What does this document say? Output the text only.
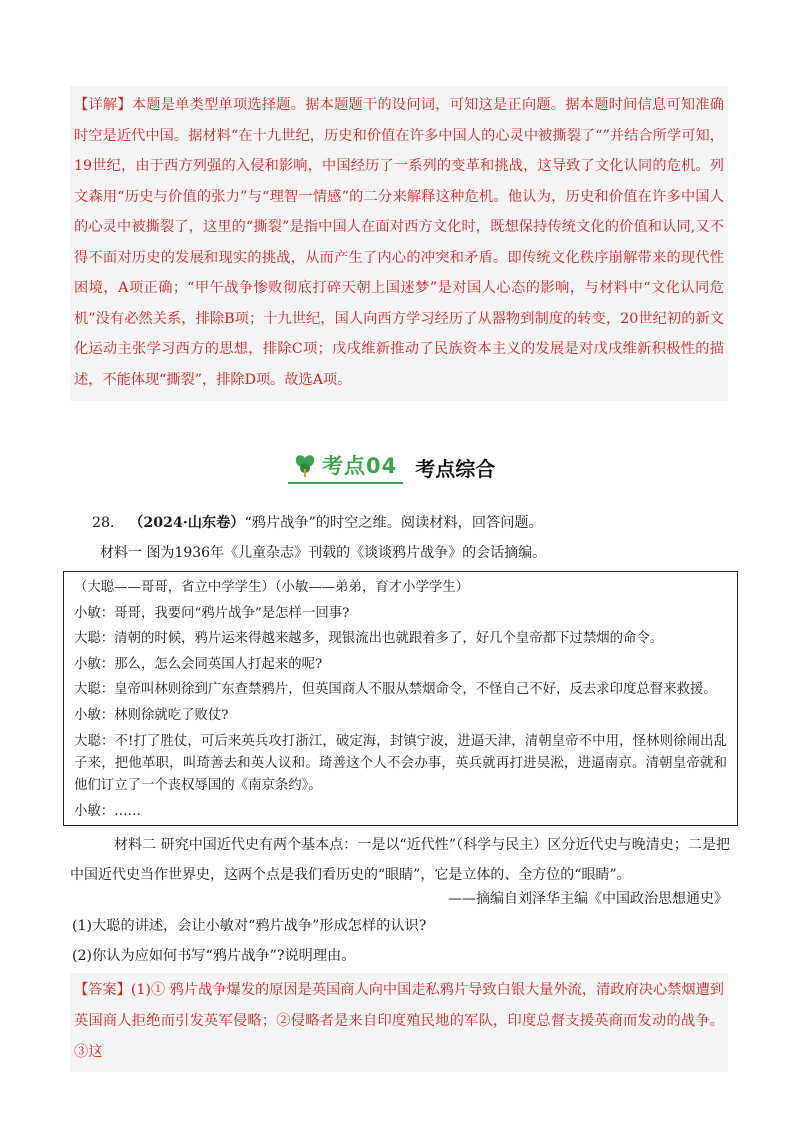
【详解】本题是单类型单项选择题。据本题题干的设问词，可知这是正向题。据本题时间信息可知准确时空是近代中国。据材料“在十九世纪，历史和价值在许多中国人的心灵中被撕裂了“”并结合所学可知，19世纪，由于西方列强的入侵和影响，中国经历了一系列的变革和挑战，这导致了文化认同的危机。列文森用“历史与价值的张力”与“理智一情感”的二分来解释这种危机。他认为，历史和价值在许多中国人的心灵中被撕裂了，这里的“撕裂”是指中国人在面对西方文化时，既想保持传统文化的价值和认同,又不得不面对历史的发展和现实的挑战，从而产生了内心的冲突和矛盾。即传统文化秩序崩解带来的现代性困境，A项正确；“甲午战争惨败彻底打碎天朝上国迷梦”是对国人心态的影响，与材料中“文化认同危机”没有必然关系，排除B项；十九世纪，国人向西方学习经历了从器物到制度的转变，20世纪初的新文化运动主张学习西方的思想，排除C项；戊戌维新推动了民族资本主义的发展是对戊戌维新积极性的描述，不能体现“撕裂”，排除D项。故选A项。

考点04 考点综合
28． （2024·山东卷）“鸦片战争”的时空之维。阅读材料，回答问题。
材料一 图为1936年《儿童杂志》刊载的《谈谈鸦片战争》的会话摘编。

（大聪——哥哥，省立中学学生）（小敏——弟弟，育才小学学生）

小敏：哥哥，我要问“鸦片战争”是怎样一回事?

大聪：清朝的时候，鸦片运来得越来越多，现银流出也就跟着多了，好几个皇帝都下过禁烟的命令。

小敏：那么，怎么会同英国人打起来的呢?

大聪：皇帝叫林则徐到广东查禁鸦片，但英国商人不服从禁烟命令，不怪自己不好，反去求印度总督来救援。

小敏：林则徐就吃了败仗?

大聪：不!打了胜仗，可后来英兵攻打浙江，破定海，封镇宁波，进逼天津，清朝皇帝不中用，怪林则徐闹出乱子来，把他革职，叫琦善去和英人议和。琦善这个人不会办事，英兵就再打进吴淞，进逼南京。清朝皇帝就和他们订立了一个丧权辱国的《南京条约》。

小敏：……

材料二 研究中国近代史有两个基本点：一是以“近代性”（科学与民主）区分近代史与晚清史；二是把中国近代史当作世界史，这两个点是我们看历史的“眼睛”，它是立体的、全方位的“眼睛”。
——摘编自刘泽华主编《中国政治思想通史》
(1)大聪的讲述，会让小敏对“鸦片战争”形成怎样的认识?
(2)你认为应如何书写“鸦片战争”?说明理由。

【答案】(1)① 鸦片战争爆发的原因是英国商人向中国走私鸦片导致白银大量外流，清政府决心禁烟遭到英国商人拒绝而引发英军侵略；②侵略者是来自印度殖民地的军队，印度总督支援英商而发动的战争。③这
